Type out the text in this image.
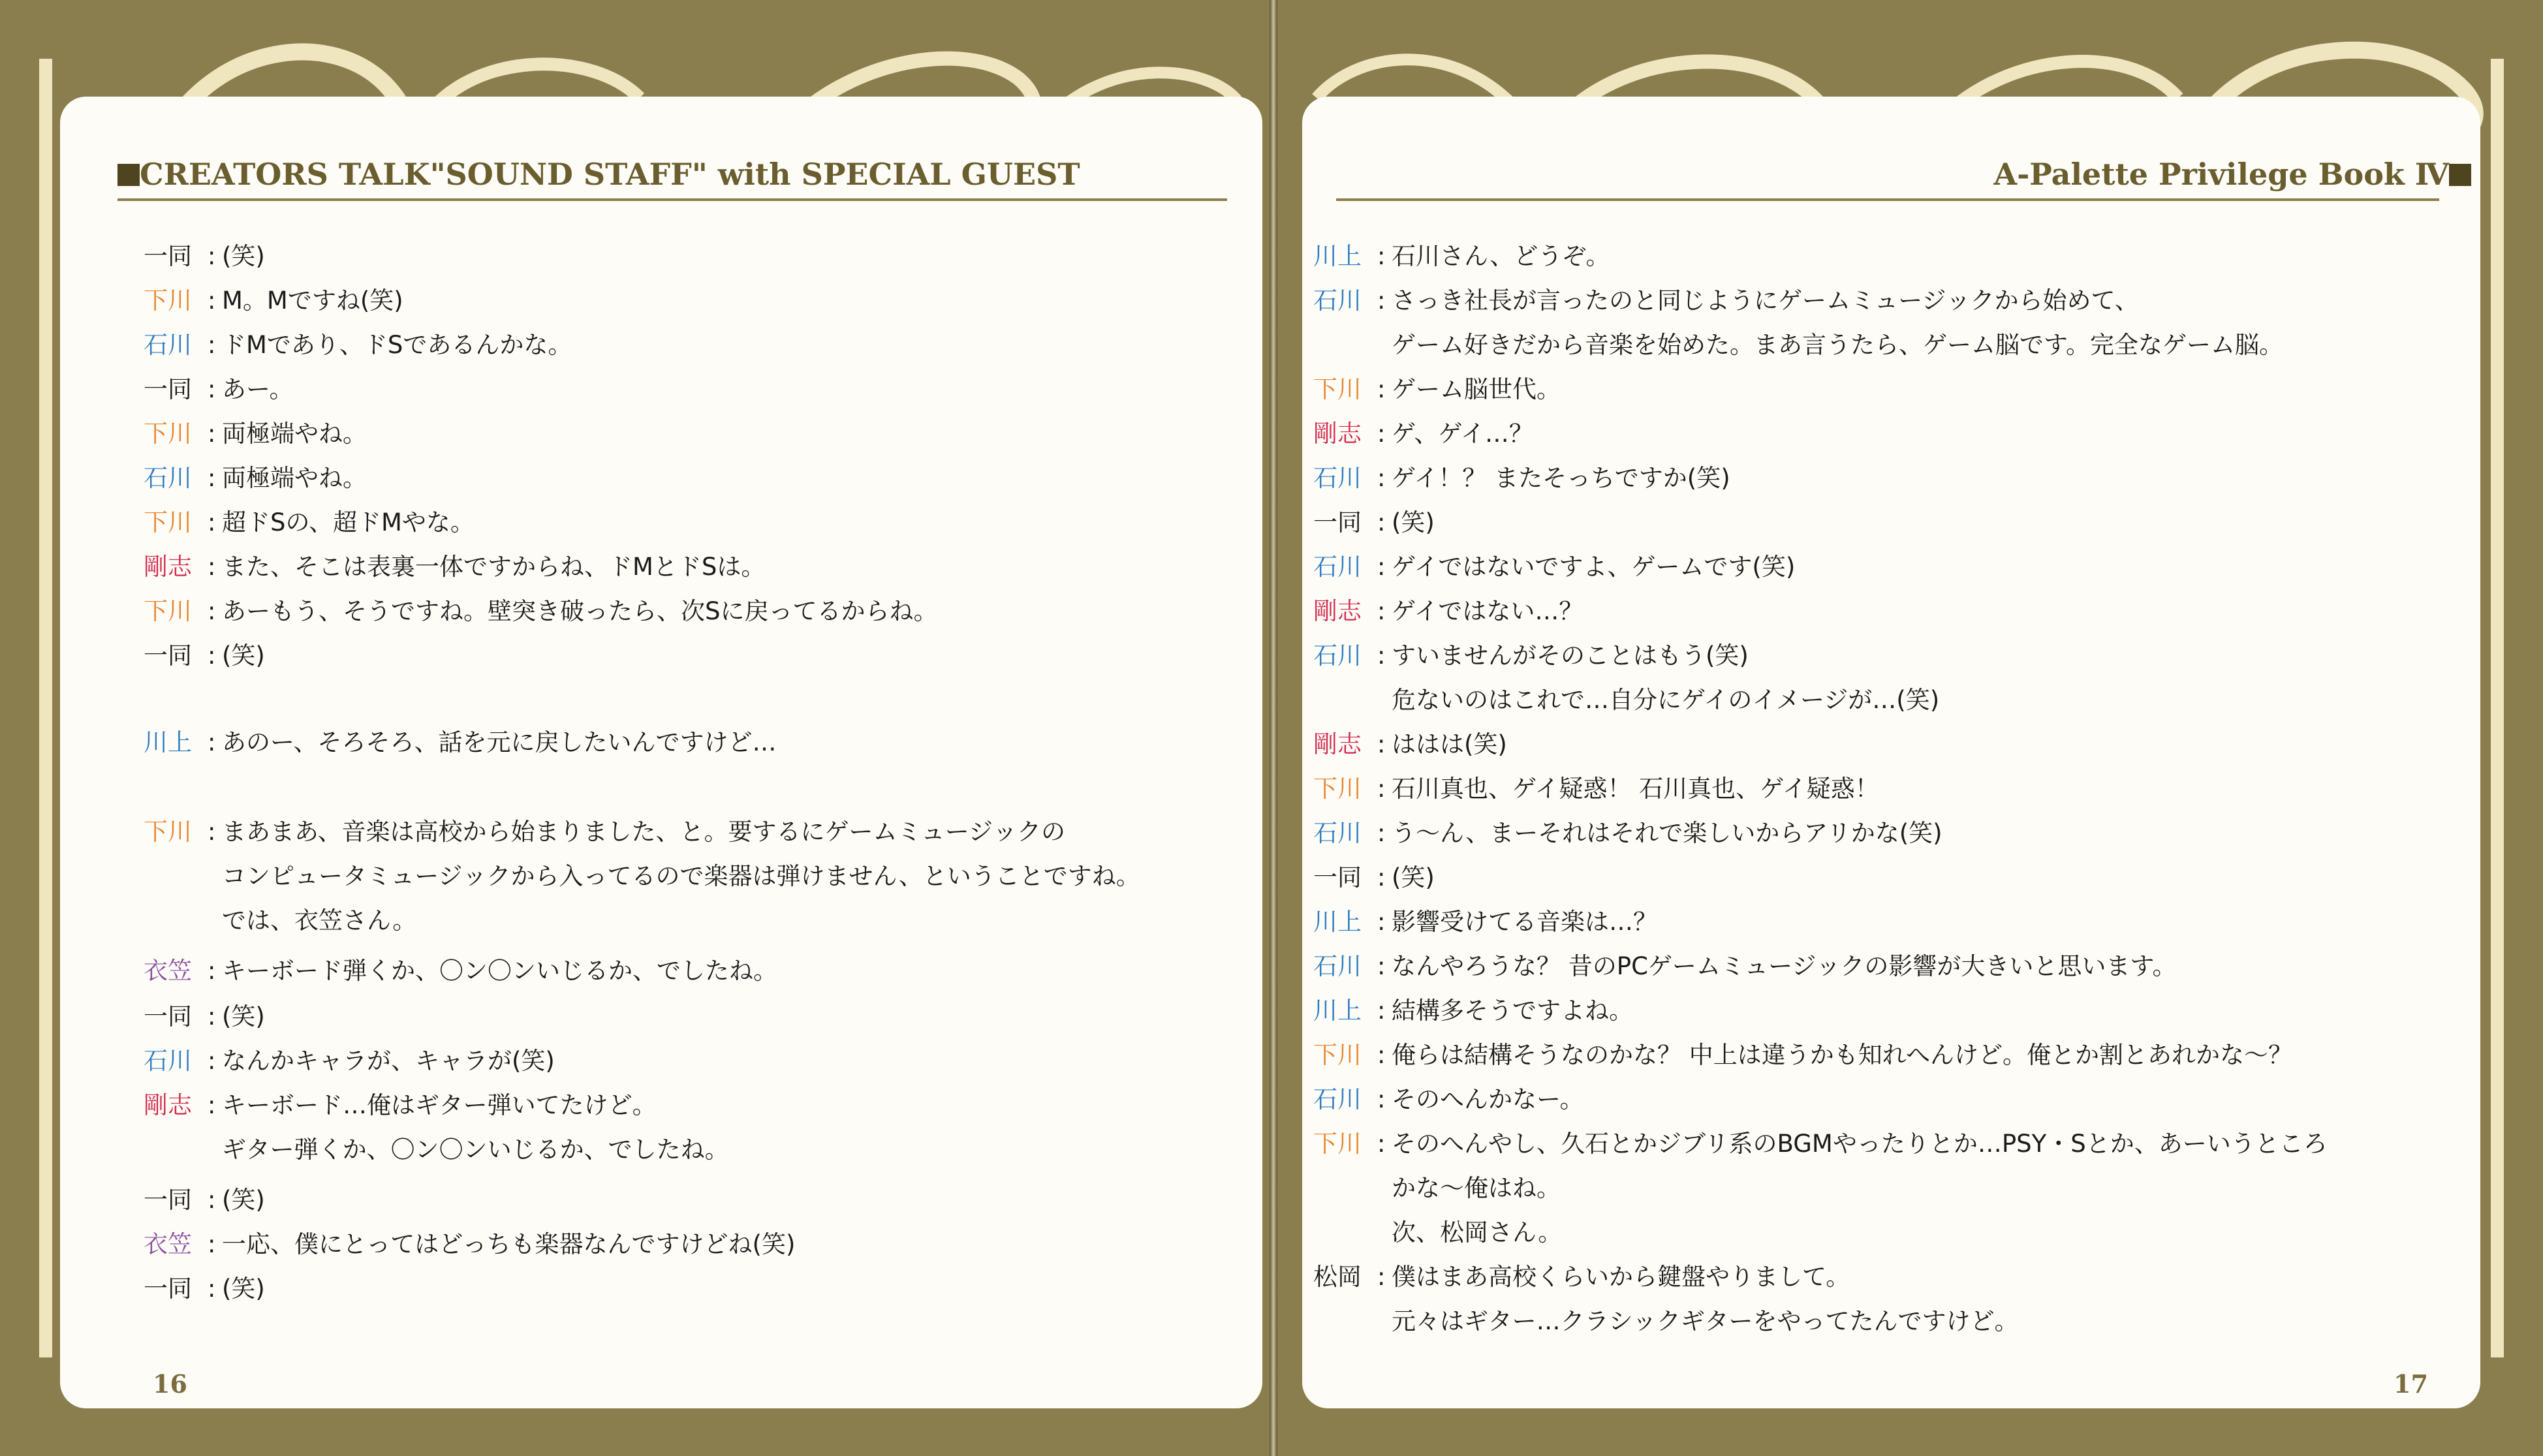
CREATORS TALK"SOUND STAFF" with SPECIAL GUEST
一同 : (笑)
下川 : M。Mですね(笑)
石川 : ドMであり、ドSであるんかな。
一同 : あー。
下川 : 両極端やね。
石川 : 両極端やね。
下川 : 超ドSの、超ドMやな。
剛志 : また、そこは表裏一体ですからね、ドMとドSは。
下川 : あーもう、そうですね。壁突き破ったら、次Sに戻ってるからね。
一同 : (笑)
川上 : あのー、そろそろ、話を元に戻したいんですけど…
下川 : まあまあ、音楽は高校から始まりました、と。要するにゲームミュージックの
コンピュータミュージックから入ってるので楽器は弾けません、ということですね。
では、衣笠さん。
衣笠 : キーボード弾くか、〇ン〇ンいじるか、でしたね。
一同 : (笑)
石川 : なんかキャラが、キャラが(笑)
剛志 : キーボード…俺はギター弾いてたけど。
ギター弾くか、〇ン〇ンいじるか、でしたね。
一同 : (笑)
衣笠 : 一応、僕にとってはどっちも楽器なんですけどね(笑)
一同 : (笑)
16
A-Palette Privilege Book Ⅳ
川上 : 石川さん、どうぞ。
石川 : さっき社長が言ったのと同じようにゲームミュージックから始めて、
ゲーム好きだから音楽を始めた。まあ言うたら、ゲーム脳です。完全なゲーム脳。
下川 : ゲーム脳世代。
剛志 : ゲ、ゲイ…？
石川 : ゲイ！？ またそっちですか(笑)
一同 : (笑)
石川 : ゲイではないですよ、ゲームです(笑)
剛志 : ゲイではない…？
石川 : すいませんがそのことはもう(笑)
危ないのはこれで…自分にゲイのイメージが…(笑)
剛志 : ははは(笑)
下川 : 石川真也、ゲイ疑惑！ 石川真也、ゲイ疑惑！
石川 : う～ん、まーそれはそれで楽しいからアリかな(笑)
一同 : (笑)
川上 : 影響受けてる音楽は…？
石川 : なんやろうな？ 昔のPCゲームミュージックの影響が大きいと思います。
川上 : 結構多そうですよね。
下川 : 俺らは結構そうなのかな？ 中上は違うかも知れへんけど。俺とか割とあれかな～？
石川 : そのへんかなー。
下川 : そのへんやし、久石とかジブリ系のBGMやったりとか…PSY・Sとか、あーいうところ
かな～俺はね。
次、松岡さん。
松岡 : 僕はまあ高校くらいから鍵盤やりまして。
元々はギター…クラシックギターをやってたんですけど。
17
